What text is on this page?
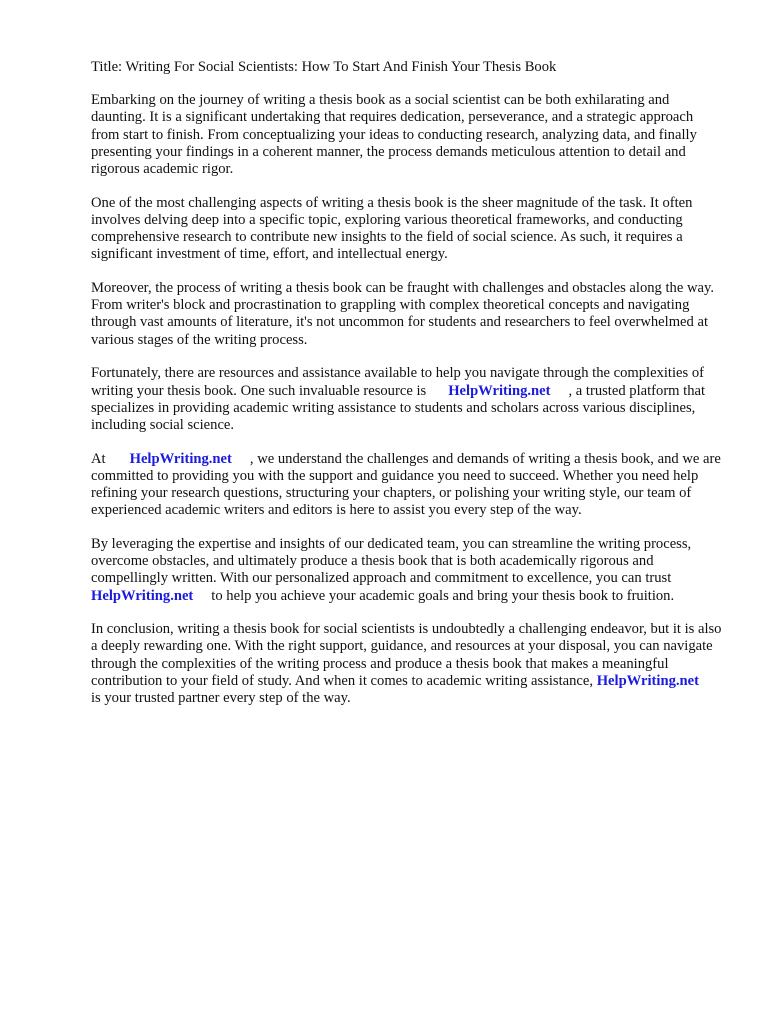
Title: Writing For Social Scientists: How To Start And Finish Your Thesis Book

Embarking on the journey of writing a thesis book as a social scientist can be both exhilarating and daunting. It is a significant undertaking that requires dedication, perseverance, and a strategic approach from start to finish. From conceptualizing your ideas to conducting research, analyzing data, and finally presenting your findings in a coherent manner, the process demands meticulous attention to detail and rigorous academic rigor.

One of the most challenging aspects of writing a thesis book is the sheer magnitude of the task. It often involves delving deep into a specific topic, exploring various theoretical frameworks, and conducting comprehensive research to contribute new insights to the field of social science. As such, it requires a significant investment of time, effort, and intellectual energy.

Moreover, the process of writing a thesis book can be fraught with challenges and obstacles along the way. From writer's block and procrastination to grappling with complex theoretical concepts and navigating through vast amounts of literature, it's not uncommon for students and researchers to feel overwhelmed at various stages of the writing process.

Fortunately, there are resources and assistance available to help you navigate through the complexities of writing your thesis book. One such invaluable resource is HelpWriting.net , a trusted platform that specializes in providing academic writing assistance to students and scholars across various disciplines, including social science.

At HelpWriting.net , we understand the challenges and demands of writing a thesis book, and we are committed to providing you with the support and guidance you need to succeed. Whether you need help refining your research questions, structuring your chapters, or polishing your writing style, our team of experienced academic writers and editors is here to assist you every step of the way.

By leveraging the expertise and insights of our dedicated team, you can streamline the writing process, overcome obstacles, and ultimately produce a thesis book that is both academically rigorous and compellingly written. With our personalized approach and commitment to excellence, you can trustHelpWriting.net to help you achieve your academic goals and bring your thesis book to fruition.

In conclusion, writing a thesis book for social scientists is undoubtedly a challenging endeavor, but it is also a deeply rewarding one. With the right support, guidance, and resources at your disposal, you can navigate through the complexities of the writing process and produce a thesis book that makes a meaningful contribution to your field of study. And when it comes to academic writing assistance, HelpWriting.netis your trusted partner every step of the way.
